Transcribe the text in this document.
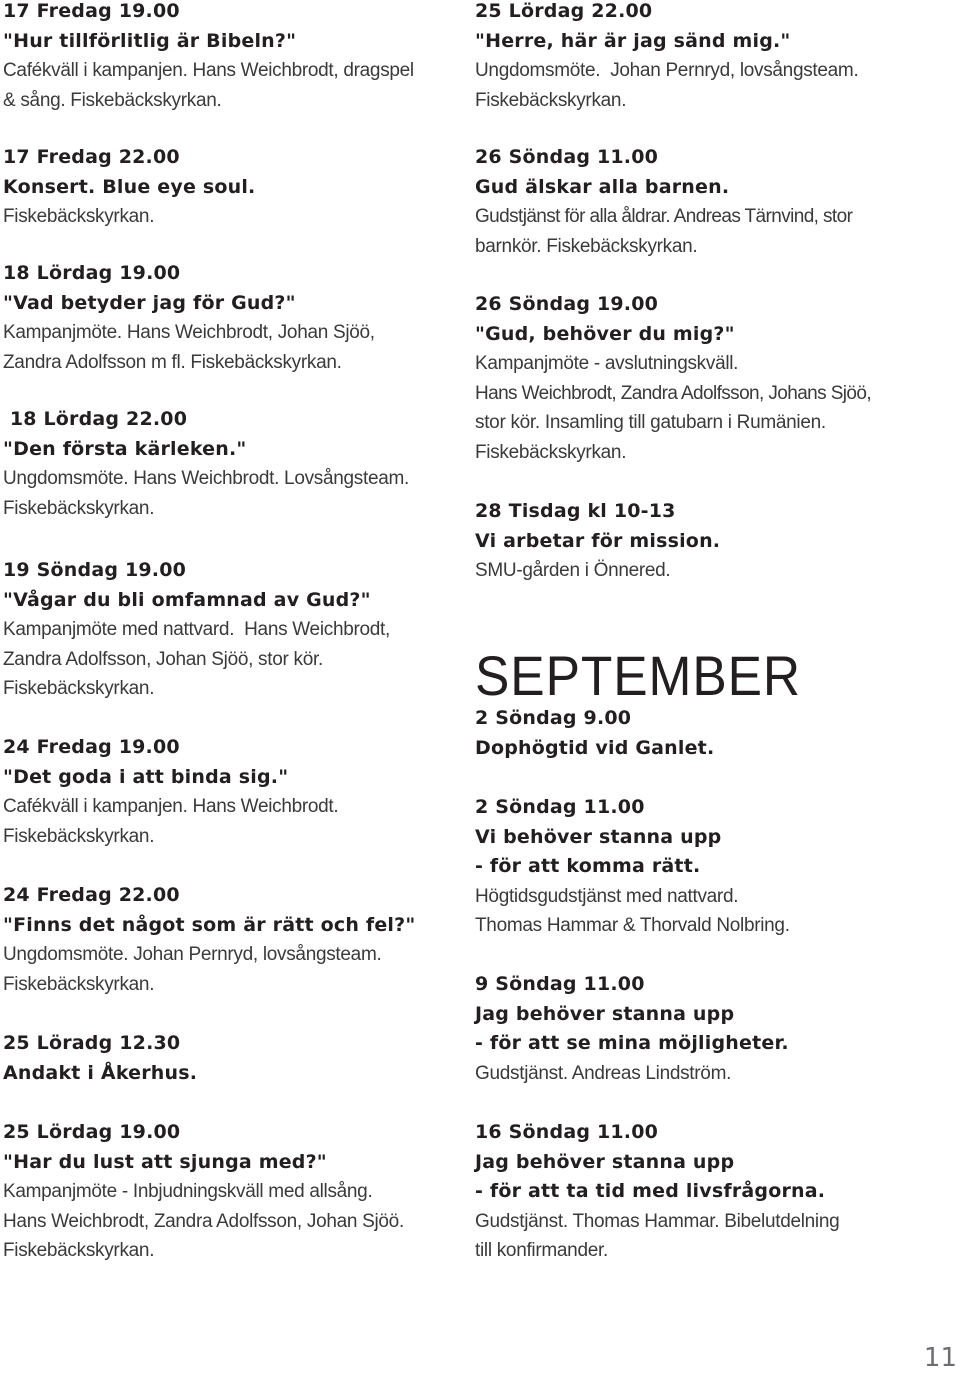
17 Fredag 19.00
"Hur tillförlitlig är Bibeln?"
Cafékväll i kampanjen. Hans Weichbrodt, dragspel
& sång. Fiskebäckskyrkan.
17 Fredag 22.00
Konsert. Blue eye soul.
Fiskebäckskyrkan.
18 Lördag 19.00
"Vad betyder jag för Gud?"
Kampanjmöte. Hans Weichbrodt, Johan Sjöö,
Zandra Adolfsson m fl. Fiskebäckskyrkan.
18 Lördag 22.00
"Den första kärleken."
Ungdomsmöte. Hans Weichbrodt. Lovsångsteam.
Fiskebäckskyrkan.
19 Söndag 19.00
"Vågar du bli omfamnad av Gud?"
Kampanjmöte med nattvard.  Hans Weichbrodt,
Zandra Adolfsson, Johan Sjöö, stor kör.
Fiskebäckskyrkan.
24 Fredag 19.00
"Det goda i att binda sig."
Cafékväll i kampanjen. Hans Weichbrodt.
Fiskebäckskyrkan.
24 Fredag 22.00
"Finns det något som är rätt och fel?"
Ungdomsmöte. Johan Pernryd, lovsångsteam.
Fiskebäckskyrkan.
25 Löradg 12.30
Andakt i Åkerhus.
25 Lördag 19.00
"Har du lust att sjunga med?"
Kampanjmöte - Inbjudningskväll med allsång.
Hans Weichbrodt, Zandra Adolfsson, Johan Sjöö.
Fiskebäckskyrkan.
25 Lördag 22.00
"Herre, här är jag sänd mig."
Ungdomsmöte.  Johan Pernryd, lovsångsteam.
Fiskebäckskyrkan.
26 Söndag 11.00
Gud älskar alla barnen.
Gudstjänst för alla åldrar. Andreas Tärnvind, stor
barnkör. Fiskebäckskyrkan.
26 Söndag 19.00
"Gud, behöver du mig?"
Kampanjmöte - avslutningskväll.
Hans Weichbrodt, Zandra Adolfsson, Johans Sjöö,
stor kör. Insamling till gatubarn i Rumänien.
Fiskebäckskyrkan.
28 Tisdag kl 10-13
Vi arbetar för mission.
SMU-gården i Önnered.
SEPTEMBER
2 Söndag 9.00
Dophögtid vid Ganlet.
2 Söndag 11.00
Vi behöver stanna upp
- för att komma rätt.
Högtidsgudstjänst med nattvard.
Thomas Hammar & Thorvald Nolbring.
9 Söndag 11.00
Jag behöver stanna upp
- för att se mina möjligheter.
Gudstjänst. Andreas Lindström.
16 Söndag 11.00
Jag behöver stanna upp
- för att ta tid med livsfrågorna.
Gudstjänst. Thomas Hammar. Bibelutdelning
till konfirmander.
11
